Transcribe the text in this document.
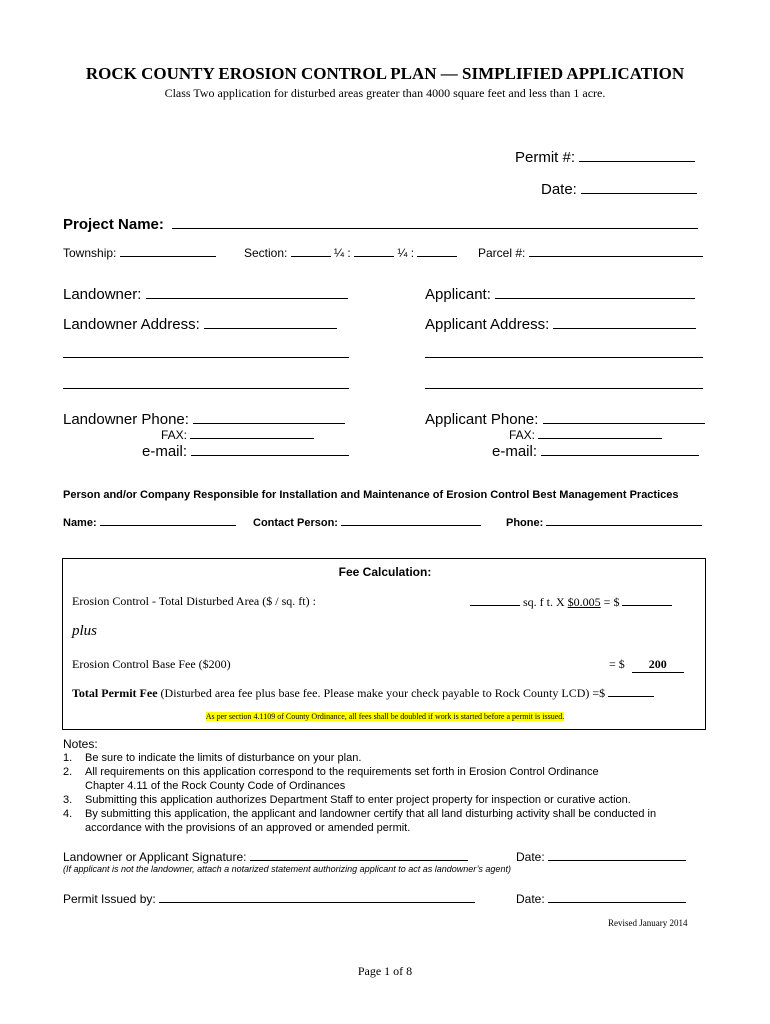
ROCK COUNTY EROSION CONTROL PLAN — SIMPLIFIED APPLICATION
Class Two application for disturbed areas greater than 4000 square feet and less than 1 acre.
Permit #:
Date:
Project Name:
Township:	Section:	¼ :	¼ :	Parcel #:
Landowner:	Applicant:
Landowner Address:	Applicant Address:
Landowner Phone:	Applicant Phone:
FAX:	FAX:
e-mail:	e-mail:
Person and/or Company Responsible for Installation and Maintenance of Erosion Control Best Management Practices
Name:	Contact Person:	Phone:
Fee Calculation:
Erosion Control - Total Disturbed Area ($ / sq. ft) :	sq. f t. X $0.005 = $
plus
Erosion Control Base Fee ($200)	= $ 200
Total Permit Fee (Disturbed area fee plus base fee. Please make your check payable to Rock County LCD) =$
As per section 4.1109 of County Ordinance, all fees shall be doubled if work is started before a permit is issued.
Notes:
1. Be sure to indicate the limits of disturbance on your plan.
2. All requirements on this application correspond to the requirements set forth in Erosion Control Ordinance
Chapter 4.11 of the Rock County Code of Ordinances
3. Submitting this application authorizes Department Staff to enter project property for inspection or curative action.
4. By submitting this application, the applicant and landowner certify that all land disturbing activity shall be conducted in
accordance with the provisions of an approved or amended permit.
Landowner or Applicant Signature:	Date:
(If applicant is not the landowner, attach a notarized statement authorizing applicant to act as landowner’s agent)
Permit Issued by:	Date:
Revised January 2014
Page 1 of 8
